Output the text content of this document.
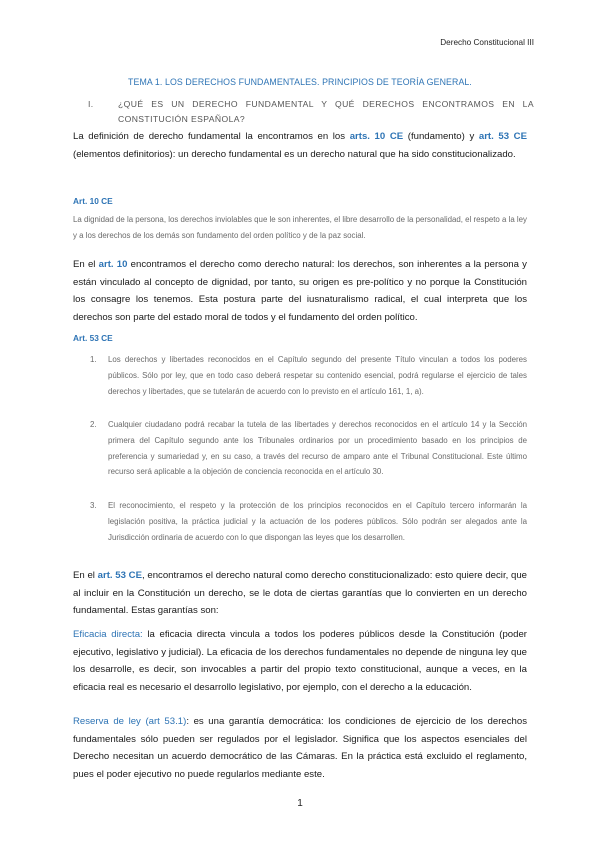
Derecho Constitucional III
TEMA 1. LOS DERECHOS FUNDAMENTALES. PRINCIPIOS DE TEORÍA GENERAL.
I.	¿QUÉ ES UN DERECHO FUNDAMENTAL Y QUÉ DERECHOS ENCONTRAMOS EN LA CONSTITUCIÓN ESPAÑOLA?

La definición de derecho fundamental la encontramos en los arts. 10 CE (fundamento) y art. 53 CE (elementos definitorios): un derecho fundamental es un derecho natural que ha sido constitucionalizado.

Art. 10 CE

La dignidad de la persona, los derechos inviolables que le son inherentes, el libre desarrollo de la personalidad, el respeto a la ley y a los derechos de los demás son fundamento del orden político y de la paz social.

En el art. 10 encontramos el derecho como derecho natural: los derechos, son inherentes a la persona y están vinculado al concepto de dignidad, por tanto, su origen es pre-político y no porque la Constitución los consagre los tenemos. Esta postura parte del iusnaturalismo radical, el cual interpreta que los derechos son parte del estado moral de todos y el fundamento del orden político.

Art. 53 CE
1. Los derechos y libertades reconocidos en el Capítulo segundo del presente Título vinculan a todos los poderes públicos. Sólo por ley, que en todo caso deberá respetar su contenido esencial, podrá regularse el ejercicio de tales derechos y libertades, que se tutelarán de acuerdo con lo previsto en el artículo 161, 1, a).
2. Cualquier ciudadano podrá recabar la tutela de las libertades y derechos reconocidos en el artículo 14 y la Sección primera del Capítulo segundo ante los Tribunales ordinarios por un procedimiento basado en los principios de preferencia y sumariedad y, en su caso, a través del recurso de amparo ante el Tribunal Constitucional. Este último recurso será aplicable a la objeción de conciencia reconocida en el artículo 30.
3. El reconocimiento, el respeto y la protección de los principios reconocidos en el Capítulo tercero informarán la legislación positiva, la práctica judicial y la actuación de los poderes públicos. Sólo podrán ser alegados ante la Jurisdicción ordinaria de acuerdo con lo que dispongan las leyes que los desarrollen.

En el art. 53 CE, encontramos el derecho natural como derecho constitucionalizado: esto quiere decir, que al incluir en la Constitución un derecho, se le dota de ciertas garantías que lo convierten en un derecho fundamental. Estas garantías son:

Eficacia directa: la eficacia directa vincula a todos los poderes públicos desde la Constitución (poder ejecutivo, legislativo y judicial). La eficacia de los derechos fundamentales no depende de ninguna ley que los desarrolle, es decir, son invocables a partir del propio texto constitucional, aunque a veces, en la eficacia real es necesario el desarrollo legislativo, por ejemplo, con el derecho a la educación.

Reserva de ley (art 53.1): es una garantía democrática: los condiciones de ejercicio de los derechos fundamentales sólo pueden ser regulados por el legislador. Significa que los aspectos esenciales del Derecho necesitan un acuerdo democrático de las Cámaras. En la práctica está excluido el reglamento, pues el poder ejecutivo no puede regularlos mediante este.

1
